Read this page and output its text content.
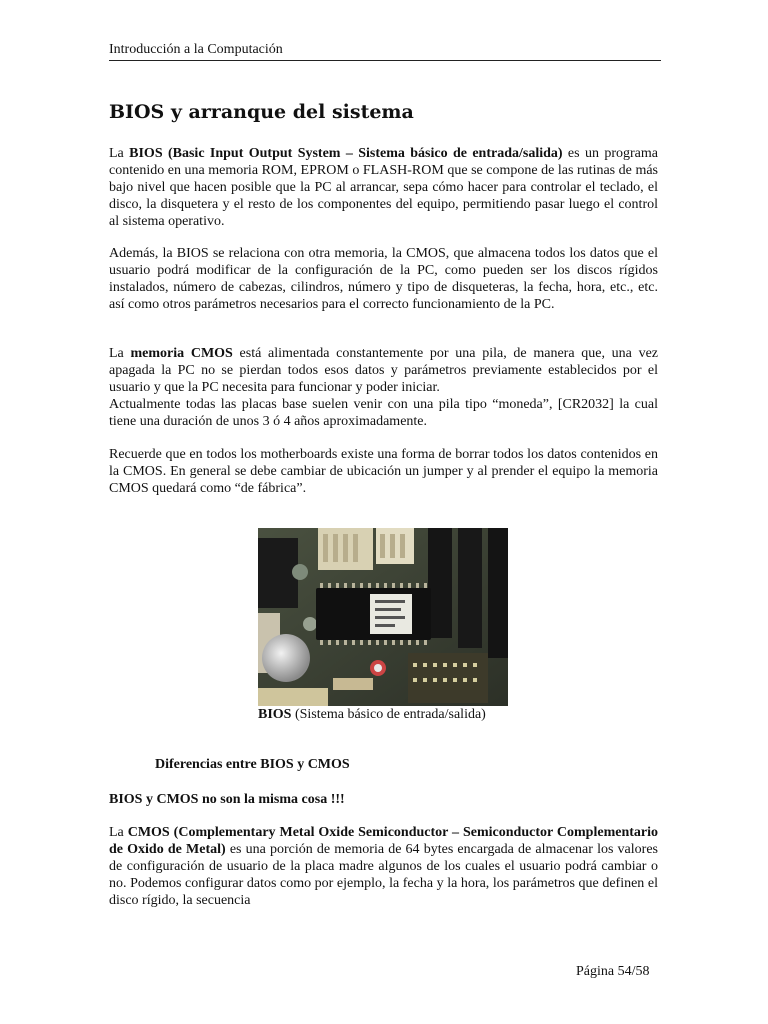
Introducción a la Computación
BIOS y arranque del sistema

La BIOS (Basic Input Output System – Sistema básico de entrada/salida) es un programa contenido en una memoria ROM, EPROM o FLASH-ROM que se compone de las rutinas de más bajo nivel que hacen posible que la PC al arrancar, sepa cómo hacer para controlar el teclado, el disco, la disquetera y el resto de los componentes del equipo, permitiendo pasar luego el control al sistema operativo.

Además, la BIOS se relaciona con otra memoria, la CMOS, que almacena todos los datos que el usuario podrá modificar de la configuración de la PC, como pueden ser los discos rígidos instalados, número de cabezas, cilindros, número y tipo de disqueteras, la fecha, hora, etc., etc. así como otros parámetros necesarios para el correcto funcionamiento de la PC.

La memoria CMOS está alimentada constantemente por una pila, de manera que, una vez apagada la PC no se pierdan todos esos datos y parámetros previamente establecidos por el usuario y que la PC necesita para funcionar y poder iniciar.
Actualmente todas las placas base suelen venir con una pila tipo “moneda”, [CR2032] la cual tiene una duración de unos 3 ó 4 años aproximadamente.

Recuerde que en todos los motherboards existe una forma de borrar todos los datos contenidos en la CMOS. En general se debe cambiar de ubicación un jumper y al prender el equipo la memoria CMOS quedará como “de fábrica”.

BIOS (Sistema básico de entrada/salida)
Diferencias entre BIOS y CMOS
BIOS y CMOS no son la misma cosa !!!

La CMOS (Complementary Metal Oxide Semiconductor – Semiconductor Complementario de Oxido de Metal) es una porción de memoria de 64 bytes encargada de almacenar los valores de configuración de usuario de la placa madre algunos de los cuales el usuario podrá cambiar o no. Podemos configurar datos como por ejemplo, la fecha y la hora, los parámetros que definen el disco rígido, la secuencia

Página 54/58
